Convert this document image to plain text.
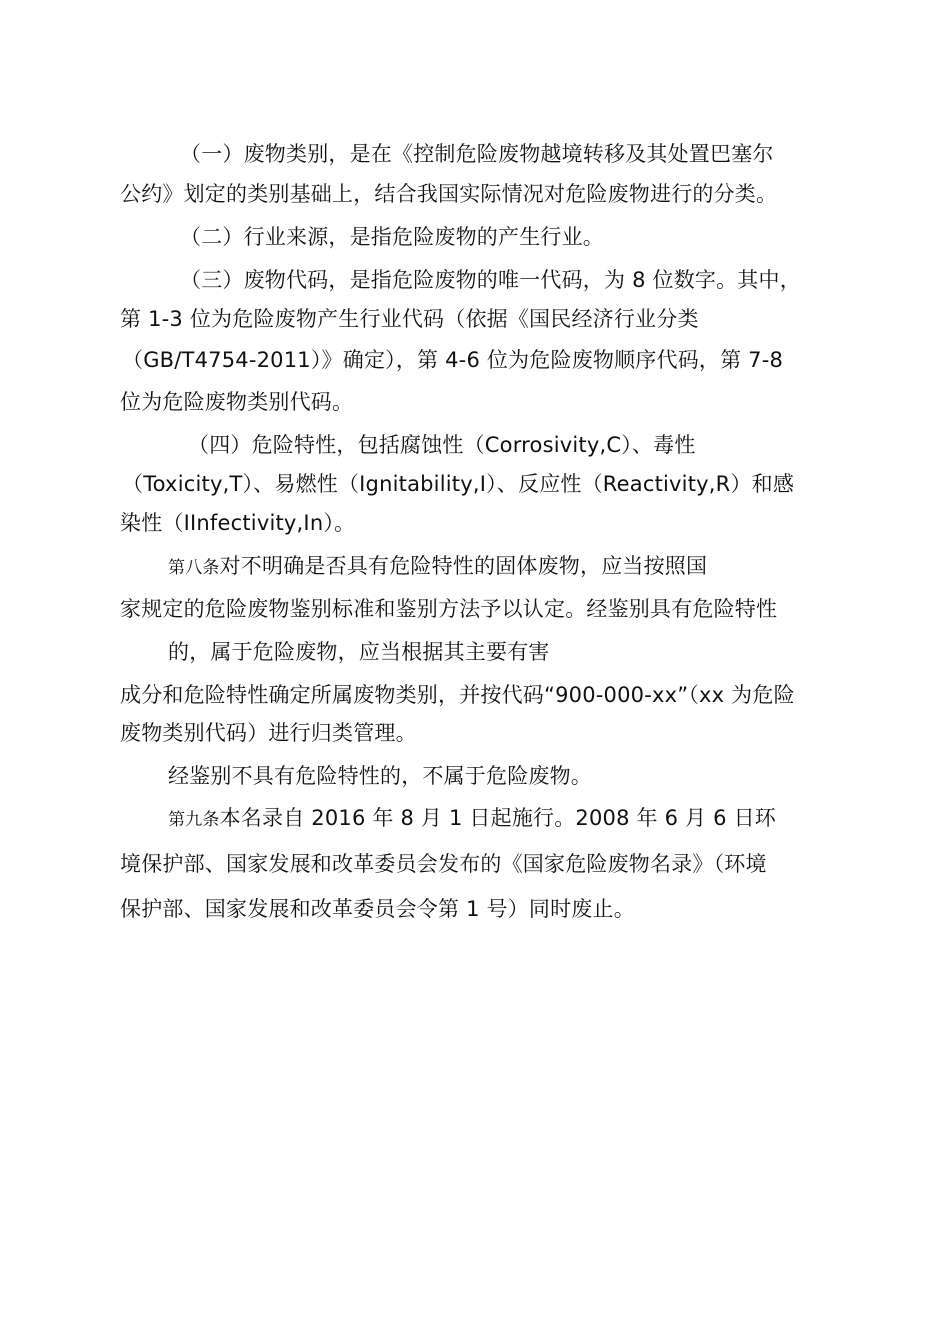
（一）废物类别，是在《控制危险废物越境转移及其处置巴塞尔
公约》划定的类别基础上，结合我国实际情况对危险废物进行的分类。
（二）行业来源，是指危险废物的产生行业。
（三）废物代码，是指危险废物的唯一代码，为 8 位数字。其中，
第 1-3 位为危险废物产生行业代码（依据《国民经济行业分类
（GB/T4754-2011）》确定），第 4-6 位为危险废物顺序代码，第 7-8
位为危险废物类别代码。
（四）危险特性，包括腐蚀性（Corrosivity,C）、毒性
（Toxicity,T）、易燃性（Ignitability,I）、反应性（Reactivity,R）和感
染性（IInfectivity,In）。
第八条对不明确是否具有危险特性的固体废物，应当按照国
家规定的危险废物鉴别标准和鉴别方法予以认定。经鉴别具有危险特性
的，属于危险废物，应当根据其主要有害
成分和危险特性确定所属废物类别，并按代码“900-000-xx”（xx 为危险
废物类别代码）进行归类管理。
经鉴别不具有危险特性的，不属于危险废物。
第九条本名录自 2016 年 8 月 1 日起施行。2008 年 6 月 6 日环
境保护部、国家发展和改革委员会发布的《国家危险废物名录》（环境
保护部、国家发展和改革委员会令第 1 号）同时废止。
